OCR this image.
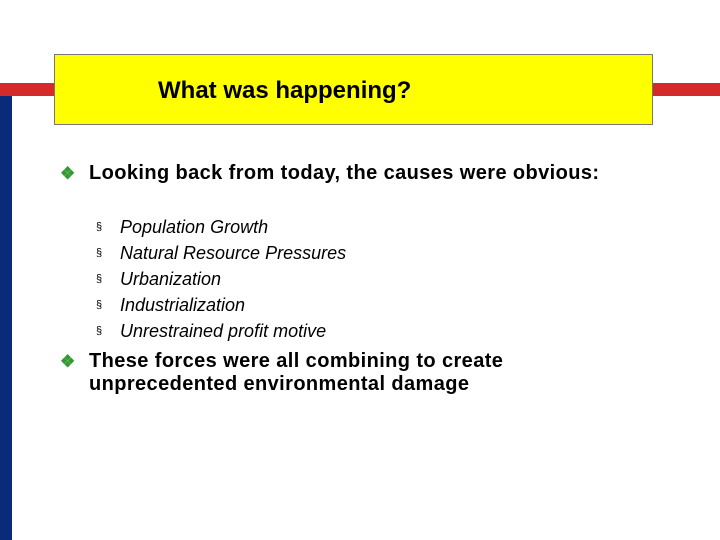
What was happening?
❖ Looking back from today, the causes were obvious:
§ Population Growth
§ Natural Resource Pressures
§ Urbanization
§ Industrialization
§ Unrestrained profit motive
❖ These forces were all combining to create unprecedented environmental damage
